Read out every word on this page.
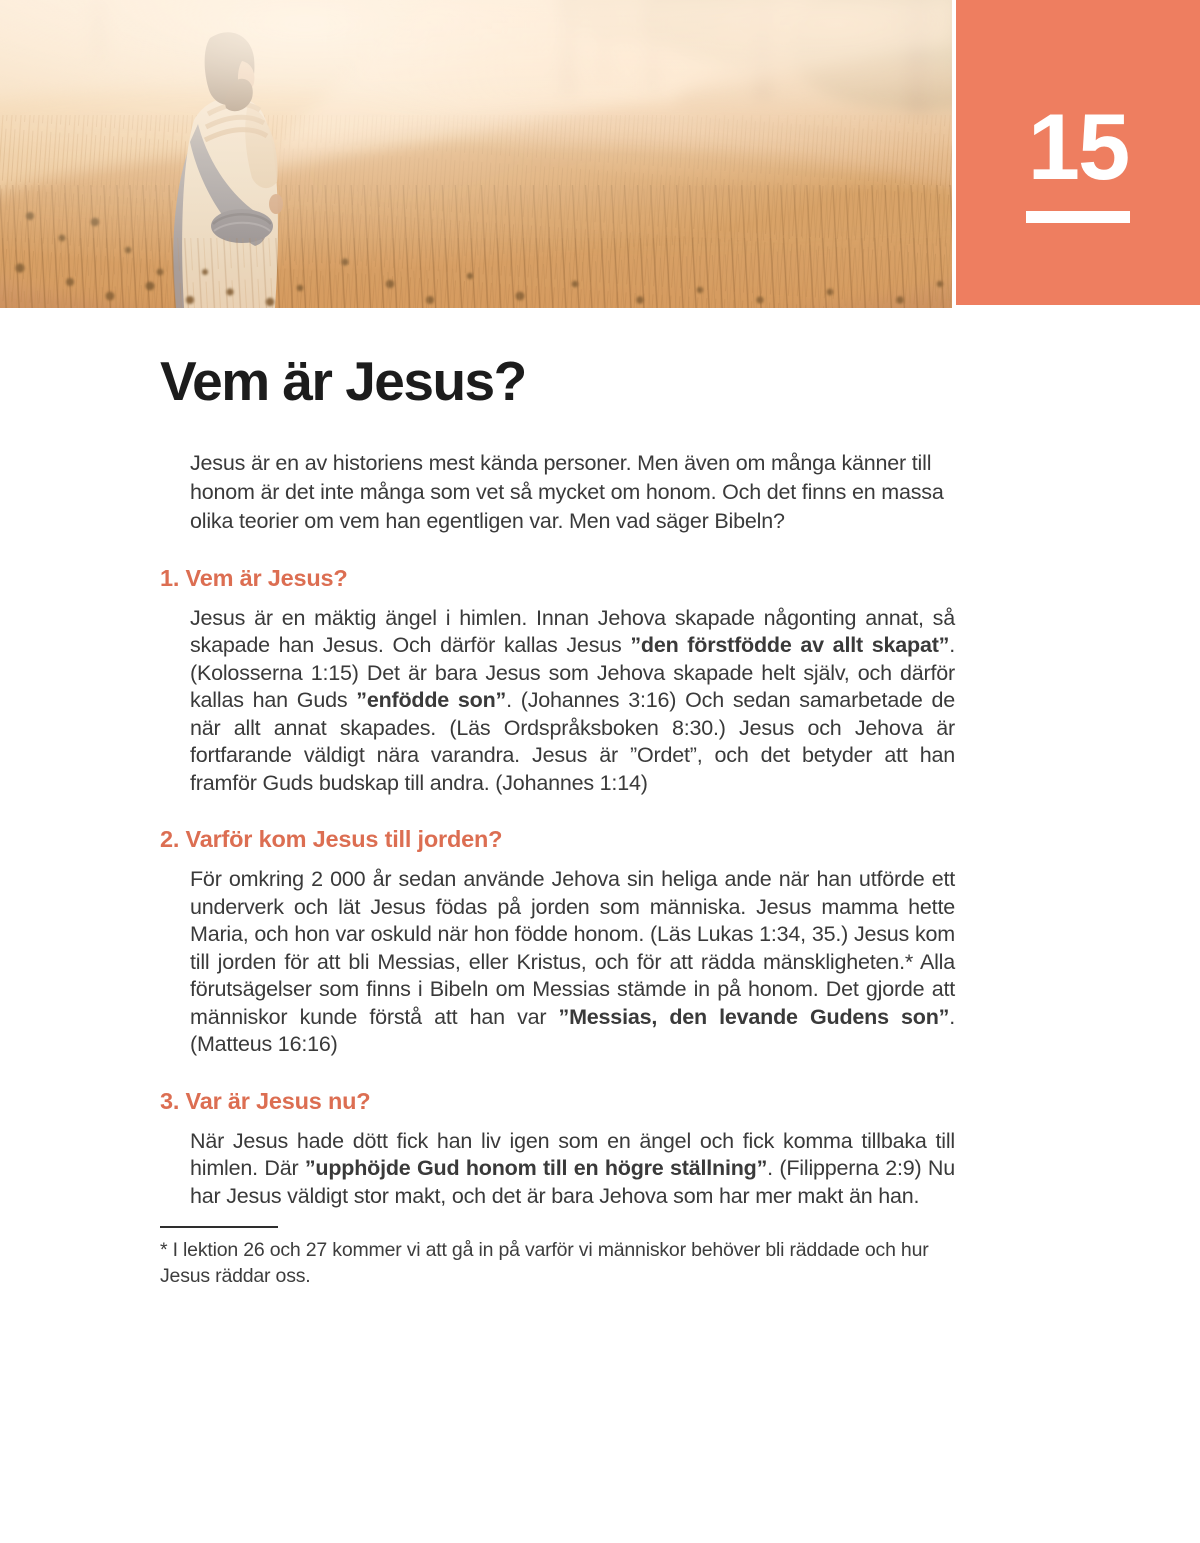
15
Vem är Jesus?

Jesus är en av historiens mest kända personer. Men även om många känner till honom är det inte många som vet så mycket om honom. Och det finns en massa olika teorier om vem han egentligen var. Men vad säger Bibeln?

1. Vem är Jesus?

Jesus är en mäktig ängel i himlen. Innan Jehova skapade någonting annat, så skapade han Jesus. Och därför kallas Jesus ”den förstfödde av allt skapat”. (Kolosserna 1:15) Det är bara Jesus som Jehova skapade helt själv, och därför kallas han Guds ”enfödde son”. (Johannes 3:16) Och sedan samarbetade de när allt annat skapades. (Läs Ordspråksboken 8:30.) Jesus och Jehova är fortfarande väldigt nära varandra. Jesus är ”Ordet”, och det betyder att han framför Guds budskap till andra. (Johannes 1:14)

2. Varför kom Jesus till jorden?

För omkring 2 000 år sedan använde Jehova sin heliga ande när han utförde ett underverk och lät Jesus födas på jorden som människa. Jesus mamma hette Maria, och hon var oskuld när hon födde honom. (Läs Lukas 1:34, 35.) Jesus kom till jorden för att bli Messias, eller Kristus, och för att rädda mänskligheten.* Alla förutsägelser som finns i Bibeln om Messias stämde in på honom. Det gjorde att människor kunde förstå att han var ”Messias, den levande Gudens son”. (Matteus 16:16)

3. Var är Jesus nu?

När Jesus hade dött fick han liv igen som en ängel och fick komma tillbaka till himlen. Där ”upphöjde Gud honom till en högre ställning”. (Filipperna 2:9) Nu har Jesus väldigt stor makt, och det är bara Jehova som har mer makt än han.

* I lektion 26 och 27 kommer vi att gå in på varför vi människor behöver bli räddade och hur Jesus räddar oss.
